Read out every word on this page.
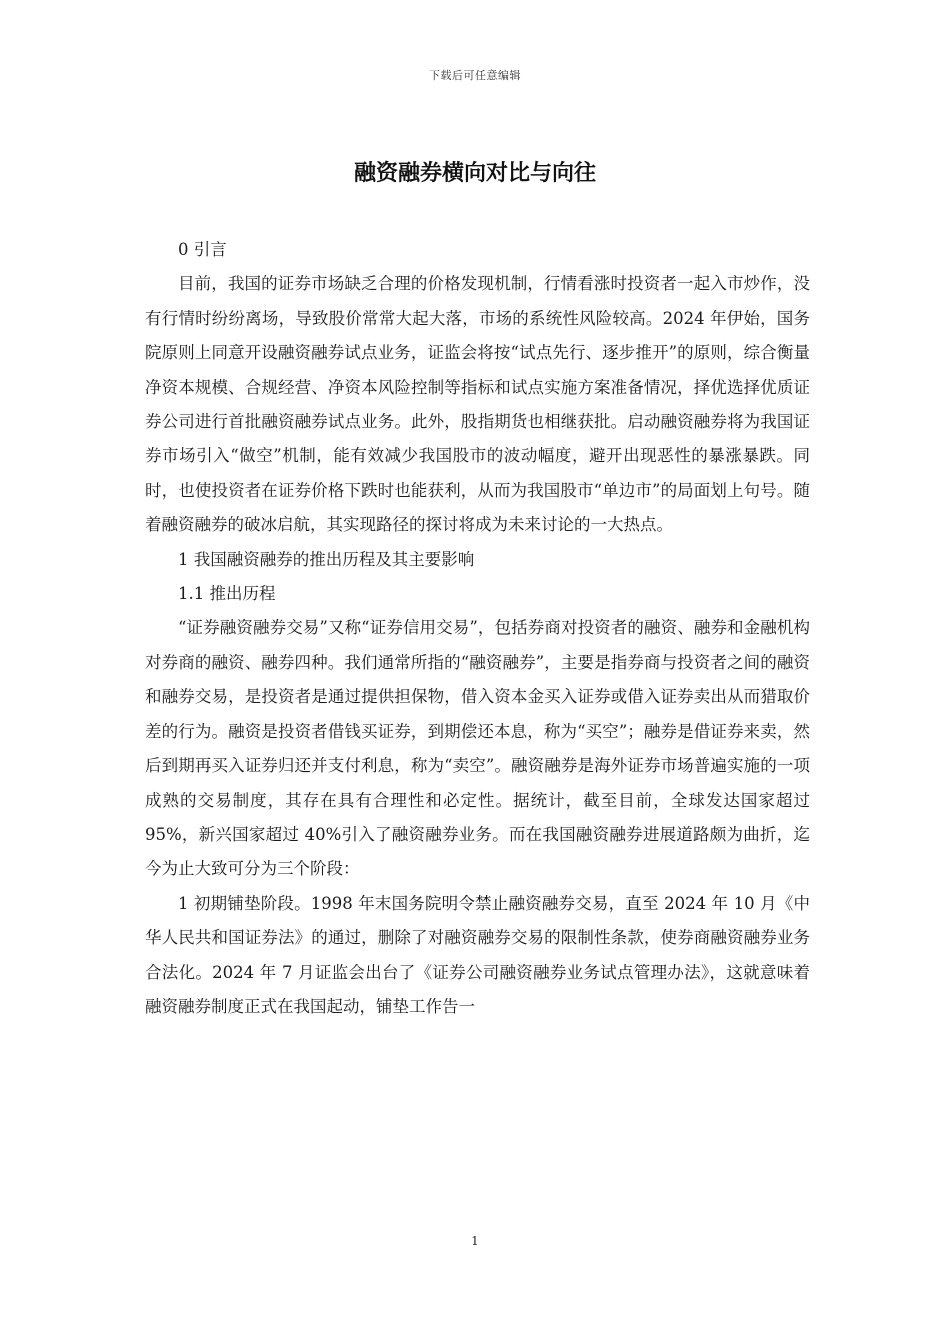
下载后可任意编辑
融资融券横向对比与向往

0 引言

目前，我国的证券市场缺乏合理的价格发现机制，行情看涨时投资者一起入市炒作，没有行情时纷纷离场，导致股价常常大起大落，市场的系统性风险较高。2024 年伊始，国务院原则上同意开设融资融券试点业务，证监会将按“试点先行、逐步推开”的原则，综合衡量净资本规模、合规经营、净资本风险控制等指标和试点实施方案准备情况，择优选择优质证券公司进行首批融资融券试点业务。此外，股指期货也相继获批。启动融资融券将为我国证券市场引入“做空”机制，能有效减少我国股市的波动幅度，避开出现恶性的暴涨暴跌。同时，也使投资者在证券价格下跌时也能获利，从而为我国股市“单边市”的局面划上句号。随着融资融券的破冰启航，其实现路径的探讨将成为未来讨论的一大热点。

1 我国融资融券的推出历程及其主要影响

1.1 推出历程

“证券融资融券交易”又称“证券信用交易”，包括券商对投资者的融资、融券和金融机构对券商的融资、融券四种。我们通常所指的“融资融券”，主要是指券商与投资者之间的融资和融券交易，是投资者是通过提供担保物，借入资本金买入证券或借入证券卖出从而猎取价差的行为。融资是投资者借钱买证券，到期偿还本息，称为“买空”；融券是借证券来卖，然后到期再买入证券归还并支付利息，称为“卖空”。融资融券是海外证券市场普遍实施的一项成熟的交易制度，其存在具有合理性和必定性。据统计，截至目前，全球发达国家超过 95%，新兴国家超过 40%引入了融资融券业务。而在我国融资融券进展道路颇为曲折，迄今为止大致可分为三个阶段：

1 初期铺垫阶段。1998 年末国务院明令禁止融资融券交易，直至 2024 年 10 月《中华人民共和国证券法》的通过，删除了对融资融券交易的限制性条款，使券商融资融券业务合法化。2024 年 7 月证监会出台了《证券公司融资融券业务试点管理办法》，这就意味着融资融券制度正式在我国起动，铺垫工作告一

1
